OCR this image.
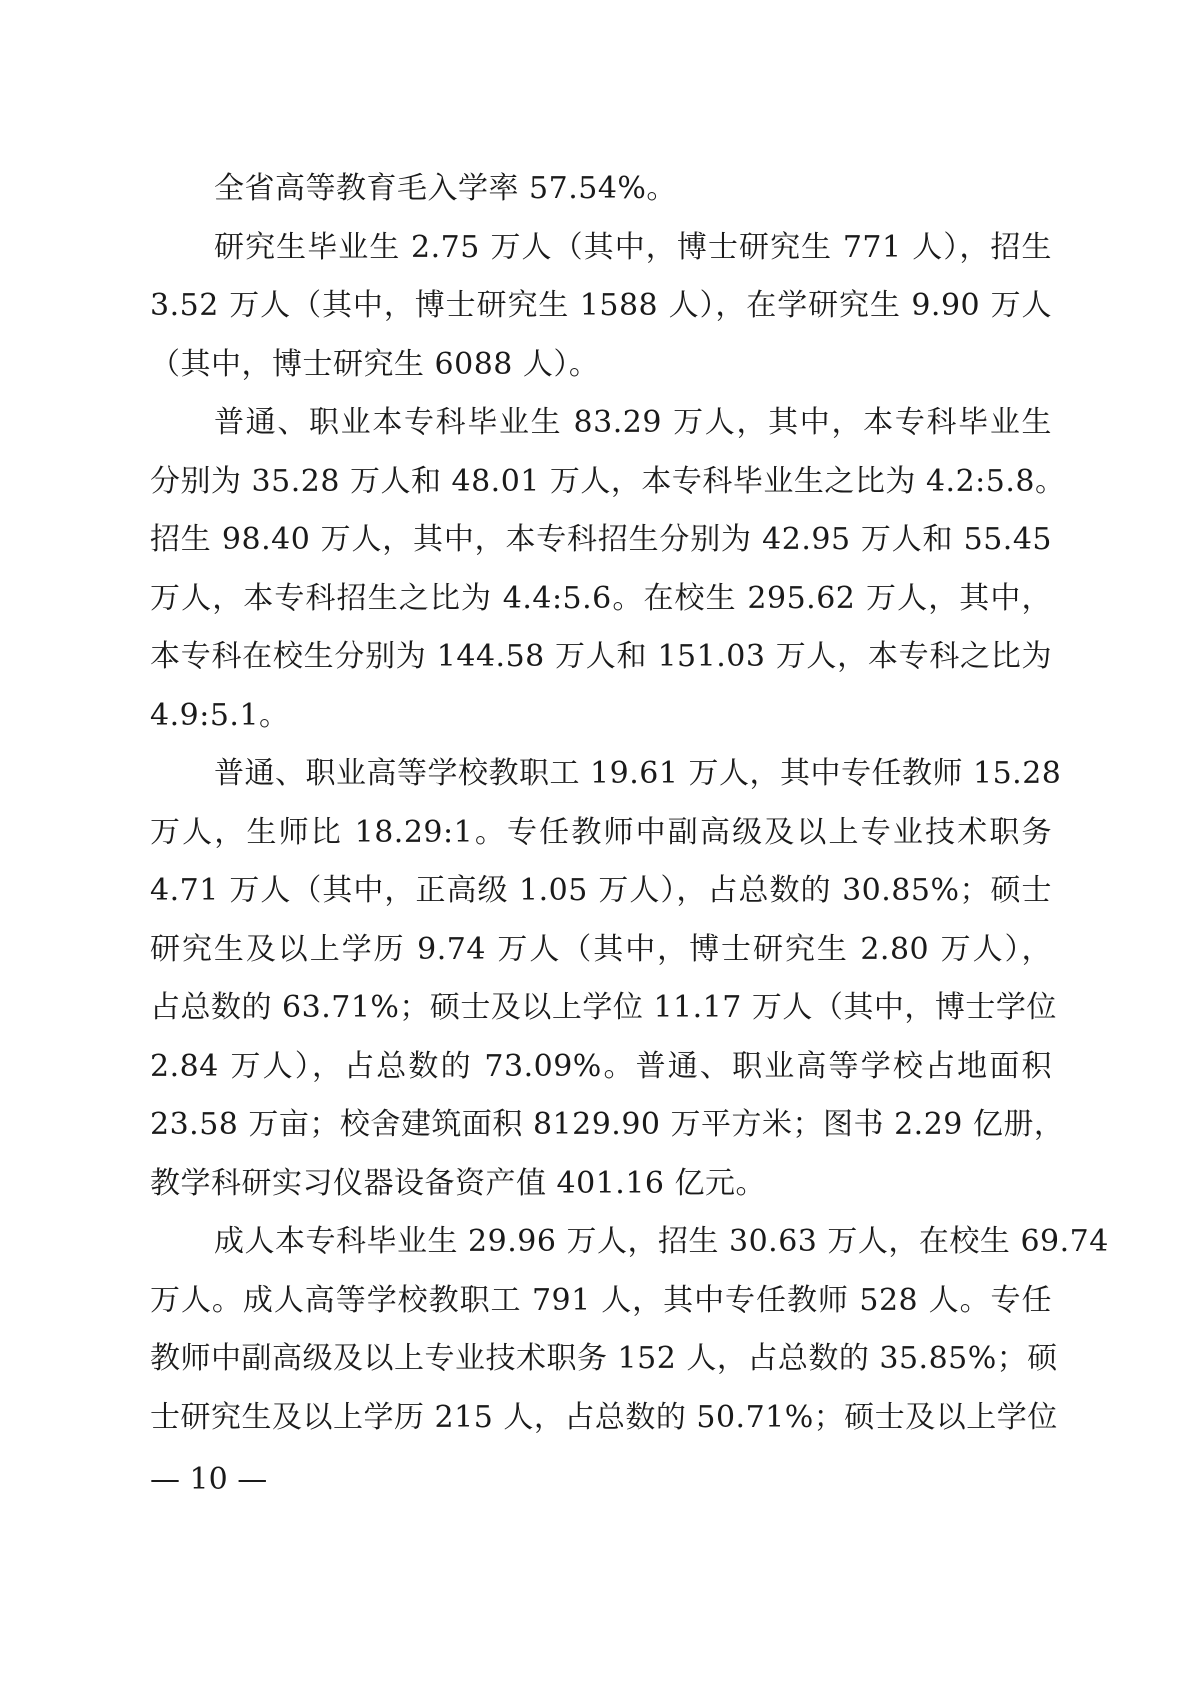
全省高等教育毛入学率 57.54%。
研究生毕业生 2.75 万人（其中，博士研究生 771 人），招生
3.52 万人（其中，博士研究生 1588 人），在学研究生 9.90 万人
（其中，博士研究生 6088 人）。
普通、职业本专科毕业生 83.29 万人，其中，本专科毕业生
分别为 35.28 万人和 48.01 万人，本专科毕业生之比为 4.2:5.8。
招生 98.40 万人，其中，本专科招生分别为 42.95 万人和 55.45
万人，本专科招生之比为 4.4:5.6。在校生 295.62 万人，其中，
本专科在校生分别为 144.58 万人和 151.03 万人，本专科之比为
4.9:5.1。
普通、职业高等学校教职工 19.61 万人，其中专任教师 15.28
万人，生师比 18.29:1。专任教师中副高级及以上专业技术职务
4.71 万人（其中，正高级 1.05 万人），占总数的 30.85%；硕士
研究生及以上学历 9.74 万人（其中，博士研究生 2.80 万人），
占总数的 63.71%；硕士及以上学位 11.17 万人（其中，博士学位
2.84 万人），占总数的 73.09%。普通、职业高等学校占地面积
23.58 万亩；校舍建筑面积 8129.90 万平方米；图书 2.29 亿册，
教学科研实习仪器设备资产值 401.16 亿元。
成人本专科毕业生 29.96 万人，招生 30.63 万人，在校生 69.74
万人。成人高等学校教职工 791 人，其中专任教师 528 人。专任
教师中副高级及以上专业技术职务 152 人，占总数的 35.85%；硕
士研究生及以上学历 215 人，占总数的 50.71%；硕士及以上学位
— 10 —
